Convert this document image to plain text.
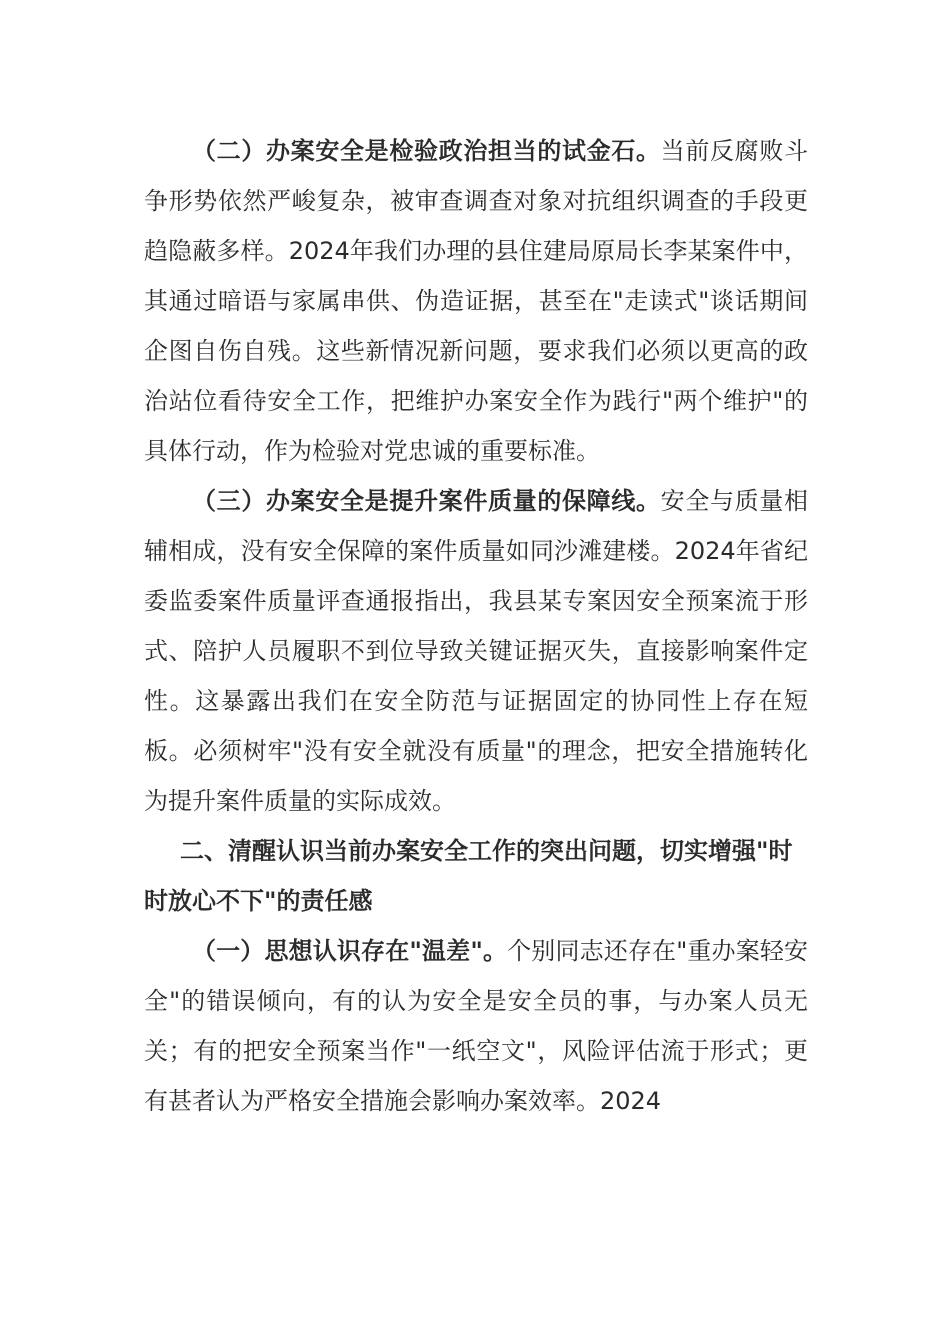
（二）办案安全是检验政治担当的试金石。当前反腐败斗争形势依然严峻复杂，被审查调查对象对抗组织调查的手段更趋隐蔽多样。2024年我们办理的县住建局原局长李某案件中，其通过暗语与家属串供、伪造证据，甚至在"走读式"谈话期间企图自伤自残。这些新情况新问题，要求我们必须以更高的政治站位看待安全工作，把维护办案安全作为践行"两个维护"的具体行动，作为检验对党忠诚的重要标准。

（三）办案安全是提升案件质量的保障线。安全与质量相辅相成，没有安全保障的案件质量如同沙滩建楼。2024年省纪委监委案件质量评查通报指出，我县某专案因安全预案流于形式、陪护人员履职不到位导致关键证据灭失，直接影响案件定性。这暴露出我们在安全防范与证据固定的协同性上存在短板。必须树牢"没有安全就没有质量"的理念，把安全措施转化为提升案件质量的实际成效。

二、清醒认识当前办案安全工作的突出问题，切实增强"时时放心不下"的责任感

（一）思想认识存在"温差"。个别同志还存在"重办案轻安全"的错误倾向，有的认为安全是安全员的事，与办案人员无关；有的把安全预案当作"一纸空文"，风险评估流于形式；更有甚者认为严格安全措施会影响办案效率。2024
